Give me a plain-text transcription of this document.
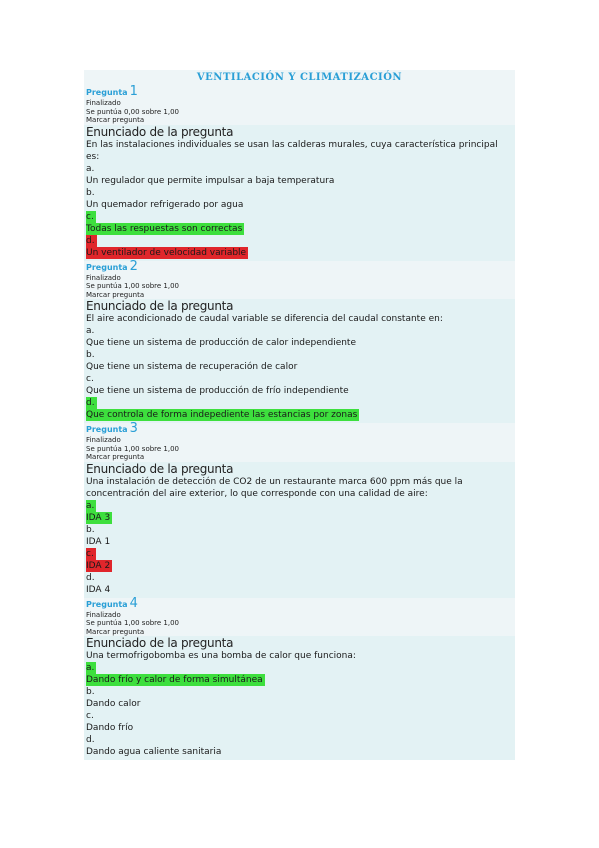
VENTILACIÓN Y CLIMATIZACIÓN
Pregunta 1
Finalizado
Se puntúa 0,00 sobre 1,00
Marcar pregunta
Enunciado de la pregunta
En las instalaciones individuales se usan las calderas murales, cuya característica principal es:
a.
Un regulador que permite impulsar a baja temperatura
b.
Un quemador refrigerado por agua
c.
Todas las respuestas son correctas
d.
Un ventilador de velocidad variable
Pregunta 2
Finalizado
Se puntúa 1,00 sobre 1,00
Marcar pregunta
Enunciado de la pregunta
El aire acondicionado de caudal variable se diferencia del caudal constante en:
a.
Que tiene un sistema de producción de calor independiente
b.
Que tiene un sistema de recuperación de calor
c.
Que tiene un sistema de producción de frío independiente
d.
Que controla de forma indepediente las estancias por zonas
Pregunta 3
Finalizado
Se puntúa 1,00 sobre 1,00
Marcar pregunta
Enunciado de la pregunta
Una instalación de detección de CO2 de un restaurante marca 600 ppm más que la concentración del aire exterior, lo que corresponde con una calidad de aire:
a.
IDA 3
b.
IDA 1
c.
IDA 2
d.
IDA 4
Pregunta 4
Finalizado
Se puntúa 1,00 sobre 1,00
Marcar pregunta
Enunciado de la pregunta
Una termofrigobomba es una bomba de calor que funciona:
a.
Dando frío y calor de forma simultánea
b.
Dando calor
c.
Dando frío
d.
Dando agua caliente sanitaria
